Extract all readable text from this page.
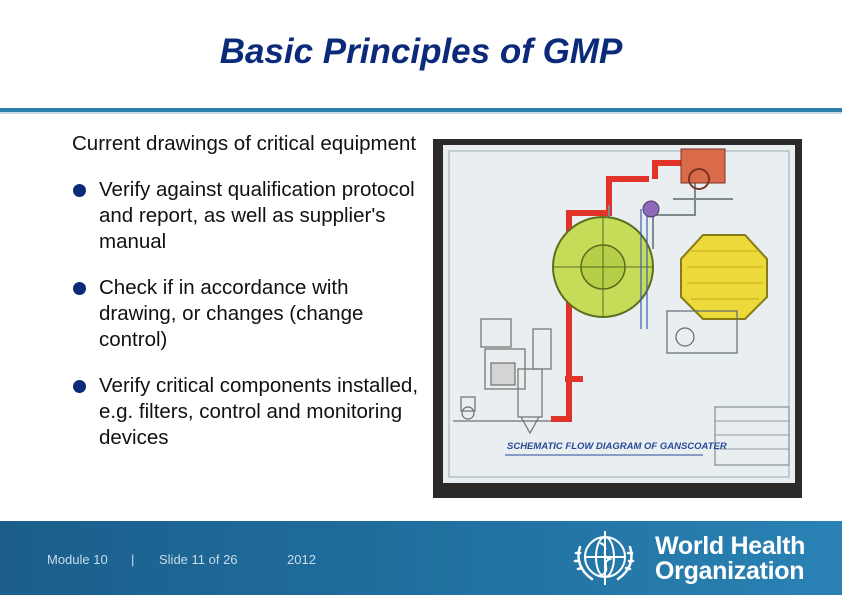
Basic Principles of GMP

Current drawings of critical equipment

Verify against qualification protocol and report, as well as supplier's manual
Check if in accordance with drawing, or changes (change control)
Verify critical components installed, e.g. filters, control and monitoring devices	SCHEMATIC FLOW DIAGRAM OF GANSCOATER
Module 10 | Slide 11 of 26	2012	World Health
Organization
